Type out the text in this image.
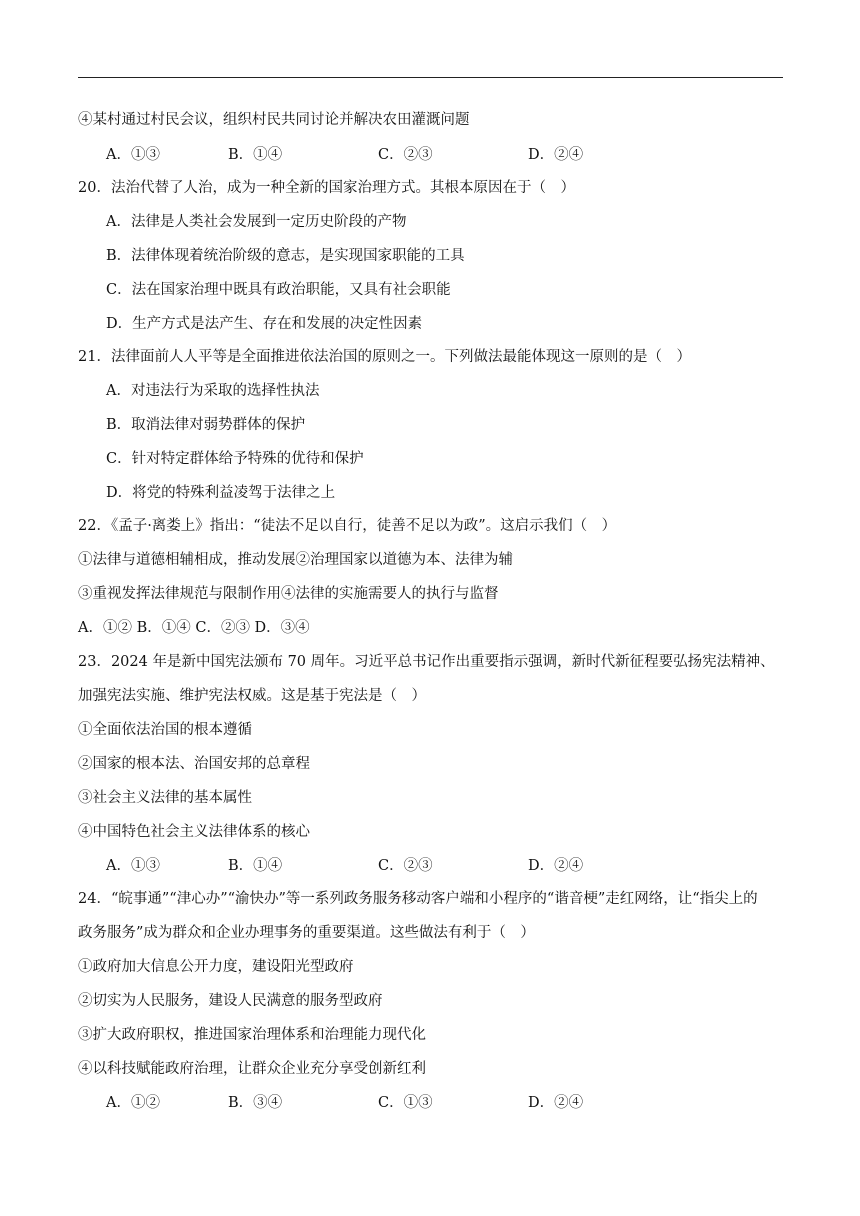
④某村通过村民会议，组织村民共同讨论并解决农田灌溉问题
A．①③	B．①④	C．②③	D．②④
20．法治代替了人治，成为一种全新的国家治理方式。其根本原因在于（　）
A．法律是人类社会发展到一定历史阶段的产物
B．法律体现着统治阶级的意志，是实现国家职能的工具
C．法在国家治理中既具有政治职能，又具有社会职能
D．生产方式是法产生、存在和发展的决定性因素
21．法律面前人人平等是全面推进依法治国的原则之一。下列做法最能体现这一原则的是（　）
A．对违法行为采取的选择性执法
B．取消法律对弱势群体的保护
C．针对特定群体给予特殊的优待和保护
D．将党的特殊利益凌驾于法律之上
22．《孟子·离娄上》指出：“徒法不足以自行，徒善不足以为政”。这启示我们（　）
①法律与道德相辅相成，推动发展②治理国家以道德为本、法律为辅
③重视发挥法律规范与限制作用④法律的实施需要人的执行与监督
A．①② B．①④ C．②③ D．③④
23．2024 年是新中国宪法颁布 70 周年。习近平总书记作出重要指示强调，新时代新征程要弘扬宪法精神、
加强宪法实施、维护宪法权威。这是基于宪法是（　）
①全面依法治国的根本遵循
②国家的根本法、治国安邦的总章程
③社会主义法律的基本属性
④中国特色社会主义法律体系的核心
A．①③	B．①④	C．②③	D．②④
24．“皖事通”“津心办”“渝快办”等一系列政务服务移动客户端和小程序的“谐音梗”走红网络，让“指尖上的
政务服务”成为群众和企业办理事务的重要渠道。这些做法有利于（　）
①政府加大信息公开力度，建设阳光型政府
②切实为人民服务，建设人民满意的服务型政府
③扩大政府职权，推进国家治理体系和治理能力现代化
④以科技赋能政府治理，让群众企业充分享受创新红利
A．①②	B．③④	C．①③	D．②④
